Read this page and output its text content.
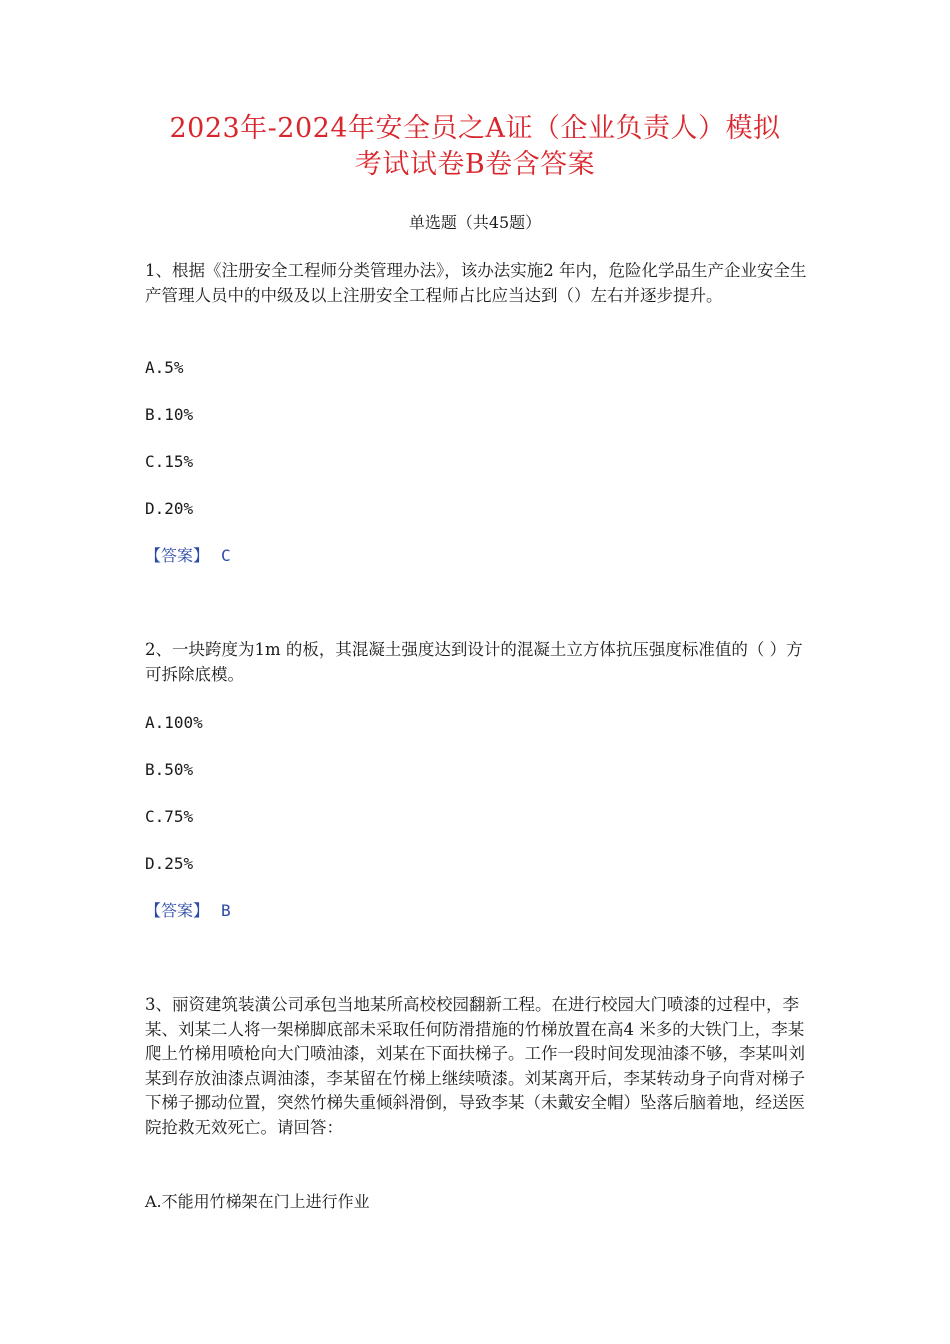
2023年-2024年安全员之A证（企业负责人）模拟
考试试卷B卷含答案
单选题（共45题）

1、根据《注册安全工程师分类管理办法》，该办法实施2 年内，危险化学品生产企业安全生产管理人员中的中级及以上注册安全工程师占比应当达到（）左右并逐步提升。

A.5%
B.10%
C.15%
D.20%
【答案】 C

2、一块跨度为1m 的板，其混凝土强度达到设计的混凝土立方体抗压强度标准值的（ ）方可拆除底模。

A.100%
B.50%
C.75%
D.25%
【答案】 B

3、丽资建筑装潢公司承包当地某所高校校园翻新工程。在进行校园大门喷漆的过程中，李某、刘某二人将一架梯脚底部未采取任何防滑措施的竹梯放置在高4 米多的大铁门上，李某爬上竹梯用喷枪向大门喷油漆，刘某在下面扶梯子。工作一段时间发现油漆不够，李某叫刘某到存放油漆点调油漆，李某留在竹梯上继续喷漆。刘某离开后，李某转动身子向背对梯子下梯子挪动位置，突然竹梯失重倾斜滑倒，导致李某（未戴安全帽）坠落后脑着地，经送医院抢救无效死亡。请回答：

A.不能用竹梯架在门上进行作业
